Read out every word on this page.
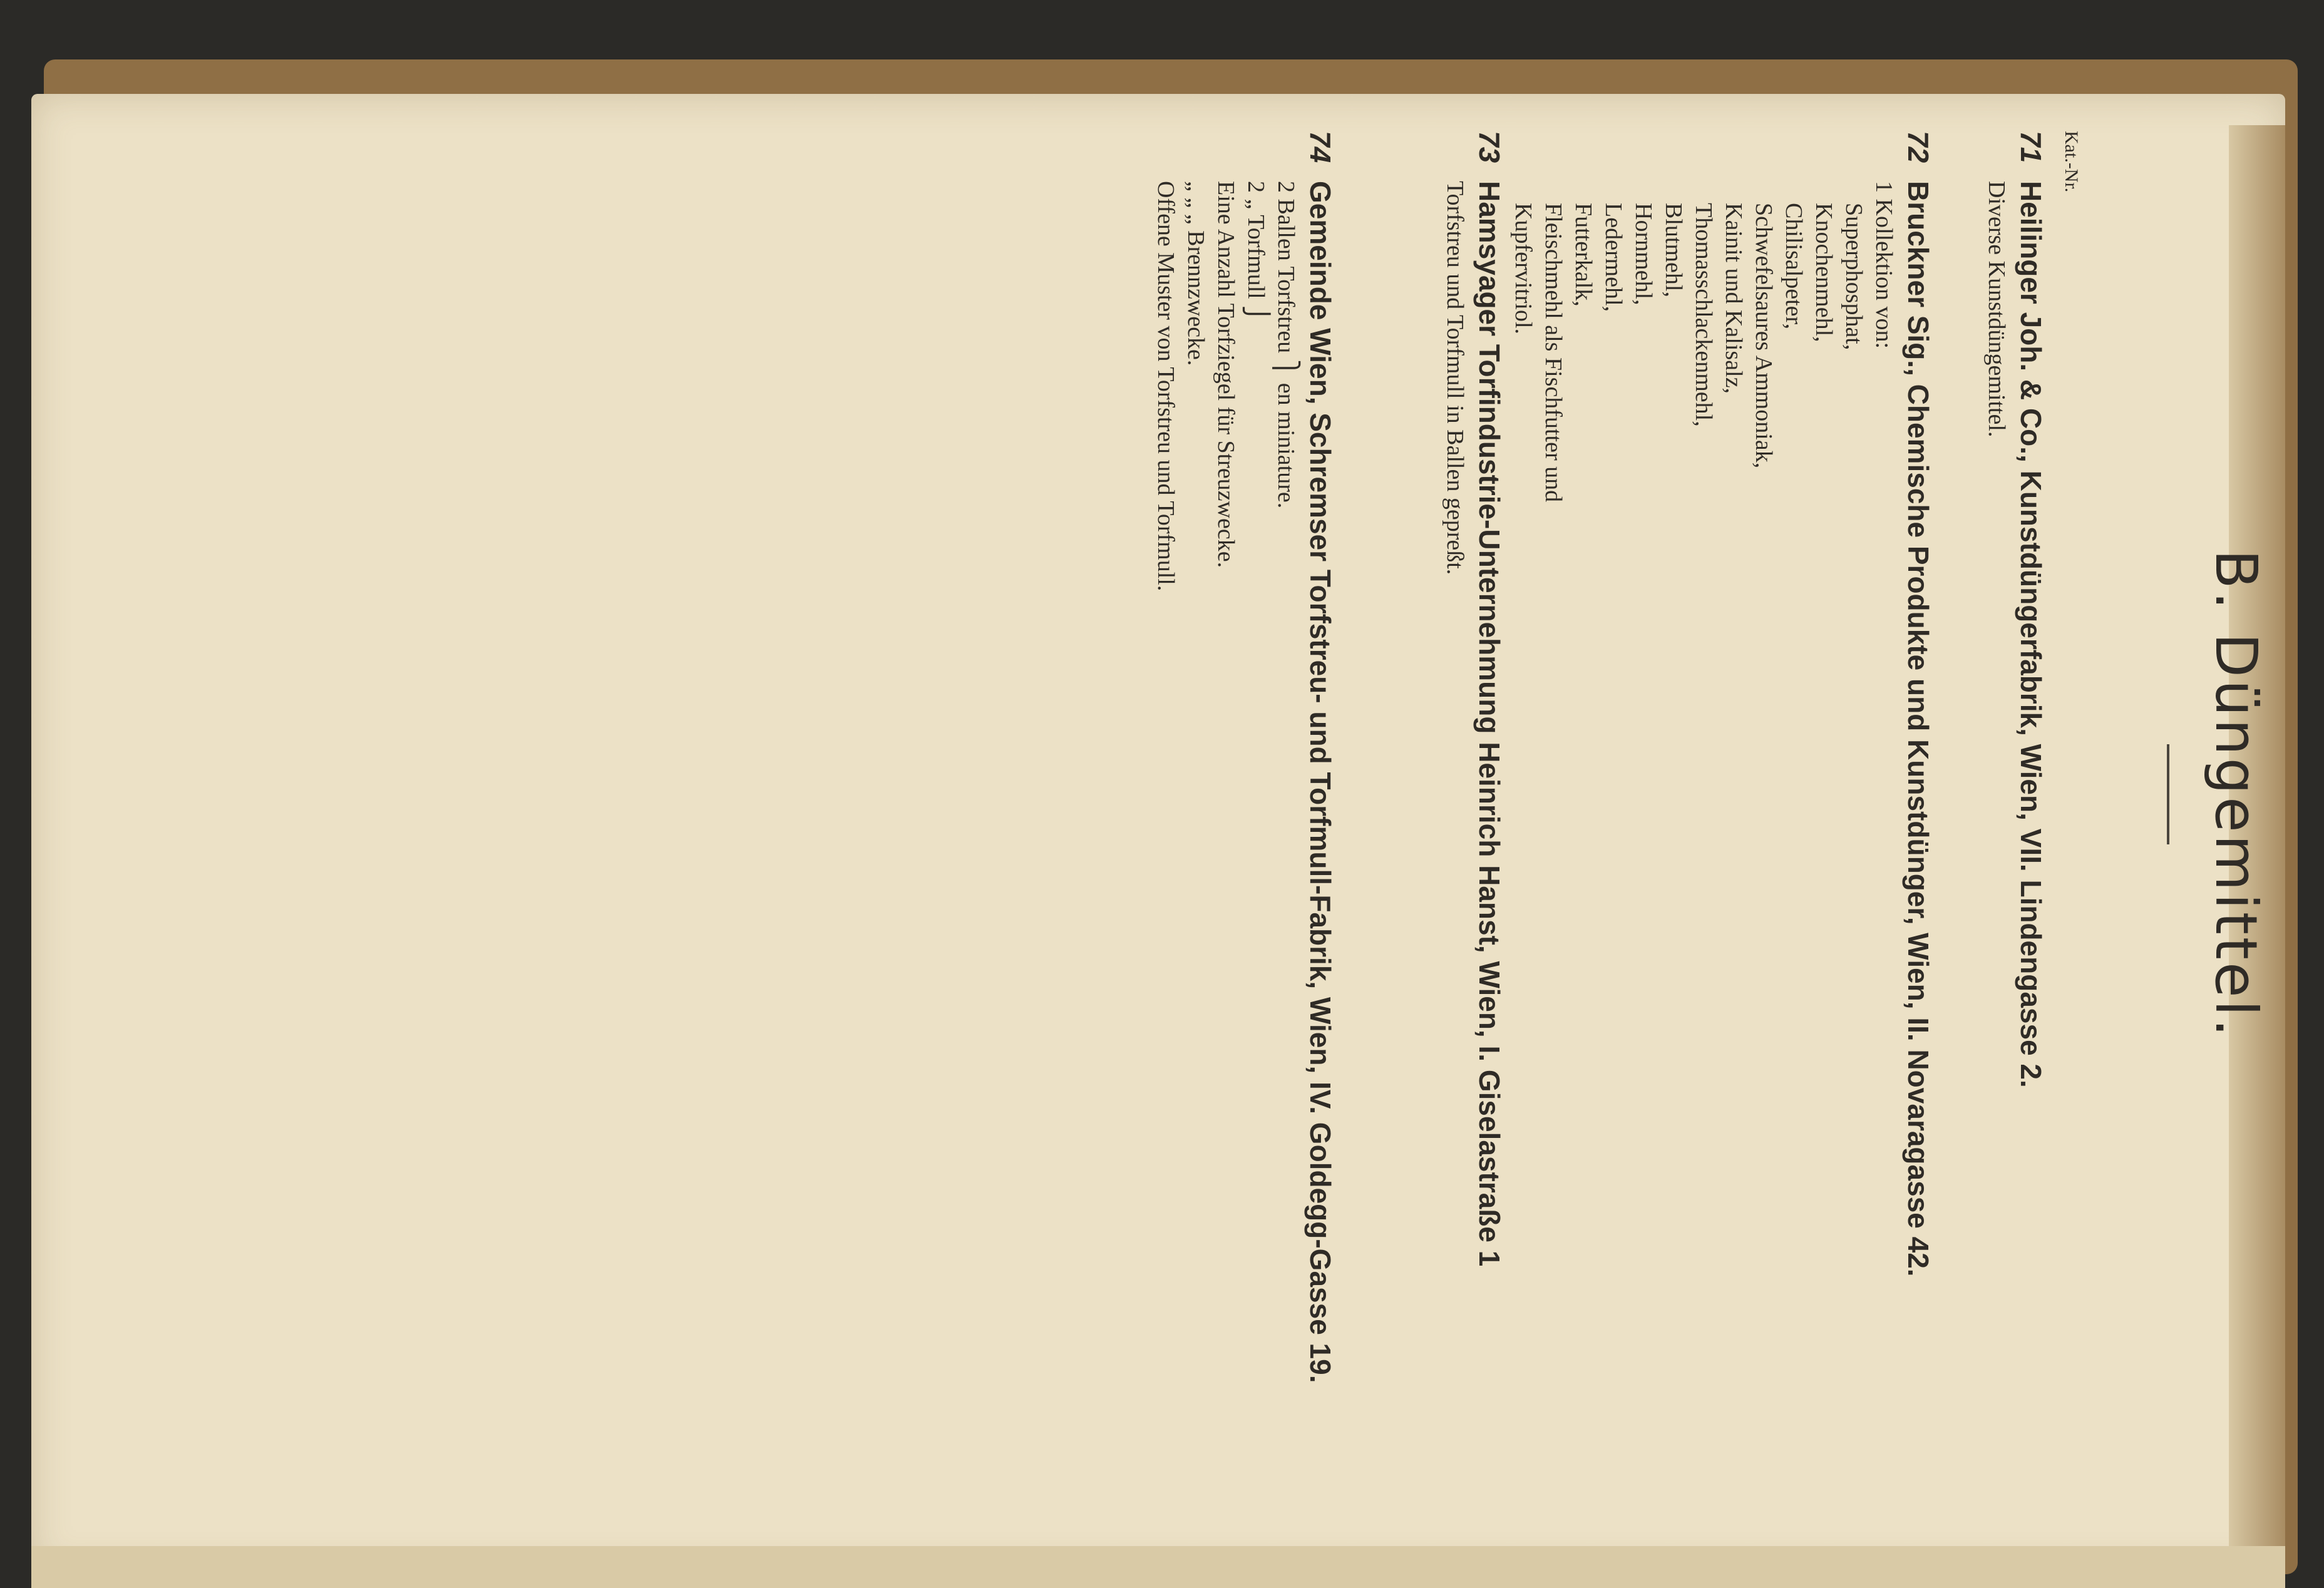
B. Düngemittel.
Kat.-Nr.
71Heilinger Joh. & Co., Kunstdüngerfabrik, Wien, VII. Lindengasse 2.
Diverse Kunstdüngemittel.
72Bruckner Sig., Chemische Produkte und Kunstdünger, Wien, II. Novaragasse 42.
1 Kollektion von:
Superphosphat,
Knochenmehl,
Chilisalpeter,
Schwefelsaures Ammoniak,
Kainit und Kalisalz,
Thomasschlackenmehl,
Blutmehl,
Hornmehl,
Ledermehl,
Futterkalk,
Fleischmehl als Fischfutter und
Kupfervitriol.
73Hamsyager Torfindustrie-Unternehmung Heinrich Hanst, Wien, I. Giselastraße 1
Torfstreu und Torfmull in Ballen gepreßt.
74Gemeinde Wien, Schremser Torfstreu- und Torfmull-Fabrik, Wien, IV. Goldegg-Gasse 19.
2 Ballen Torfstreu ⎫ en miniature.
2 „ Torfmull ⎭
Eine Anzahl Torfziegel für Streuzwecke.
„ „ „ Brennzwecke.
Offene Muster von Torfstreu und Torfmull.
